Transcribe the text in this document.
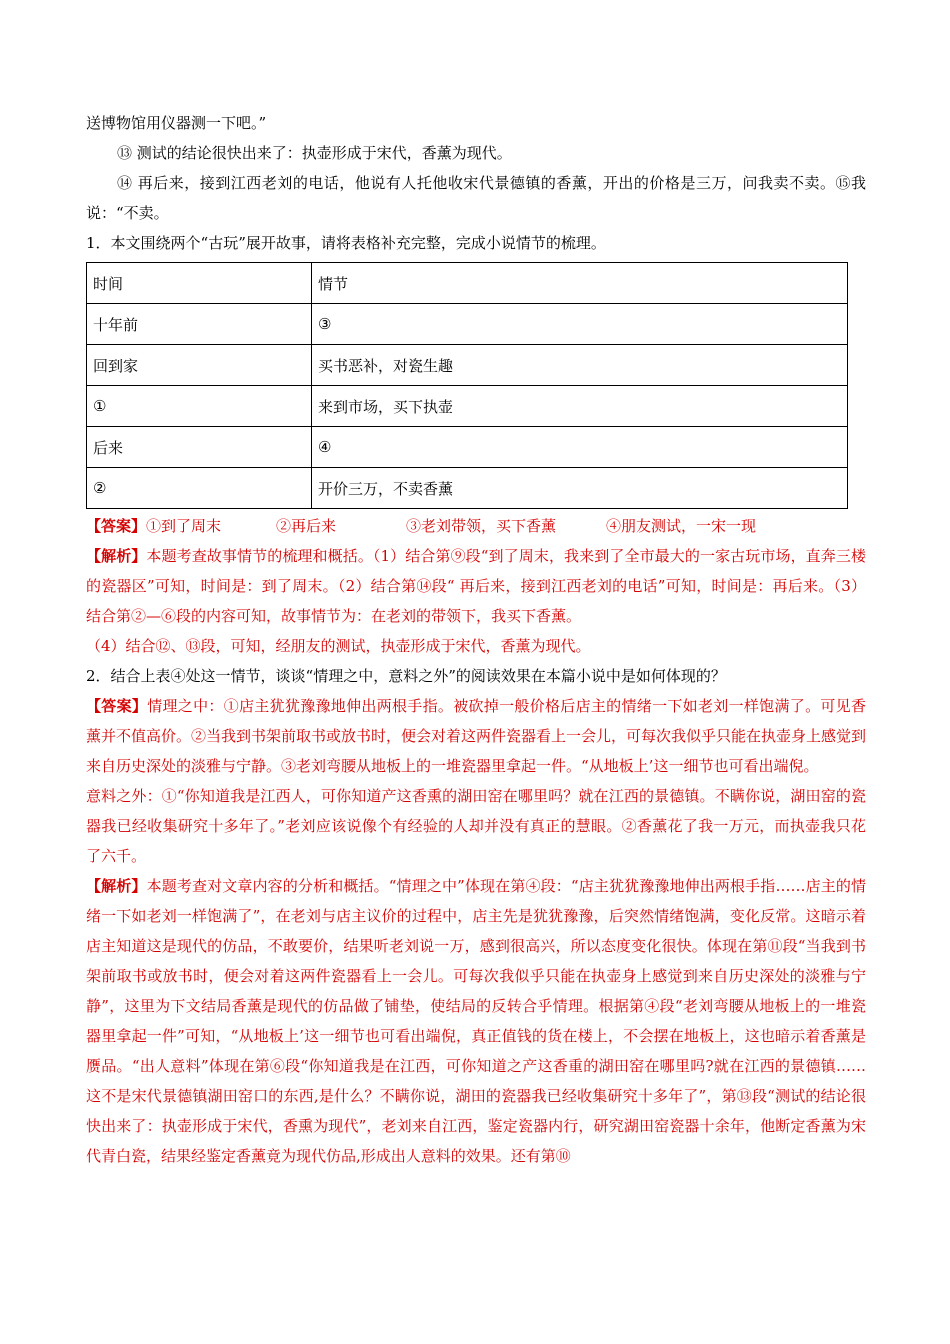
送博物馆用仪器测一下吧。”

⑬ 测试的结论很快出来了：执壶形成于宋代，香薰为现代。

⑭ 再后来，接到江西老刘的电话，他说有人托他收宋代景德镇的香薰，开出的价格是三万，问我卖不卖。⑮我说：“不卖。

1．本文围绕两个“古玩”展开故事，请将表格补充完整，完成小说情节的梳理。

时间	情节
十年前	③
回到家	买书恶补，对瓷生趣
①	来到市场，买下执壶
后来	④
②	开价三万，不卖香薰
【答案】 ①到了周末	②再后来	③老刘带领，买下香薰	④朋友测试，一宋一现

【解析】本题考查故事情节的梳理和概括。（1）结合第⑨段“到了周末，我来到了全市最大的一家古玩市场，直奔三楼的瓷器区”可知，时间是：到了周末。（2）结合第⑭段“ 再后来，接到江西老刘的电话”可知，时间是：再后来。（3）结合第②—⑥段的内容可知，故事情节为：在老刘的带领下，我买下香薰。

（4）结合⑫、⑬段，可知，经朋友的测试，执壶形成于宋代，香薰为现代。

2．结合上表④处这一情节，谈谈“情理之中，意料之外”的阅读效果在本篇小说中是如何体现的？

【答案】情理之中：①店主犹犹豫豫地伸出两根手指。被砍掉一般价格后店主的情绪一下如老刘一样饱满了。可见香薰并不值高价。②当我到书架前取书或放书时，便会对着这两件瓷器看上一会儿，可每次我似乎只能在执壶身上感觉到来自历史深处的淡雅与宁静。③老刘弯腰从地板上的一堆瓷器里拿起一件。“从地板上’这一细节也可看出端倪。

意料之外：①“你知道我是江西人，可你知道产这香熏的湖田窑在哪里吗？就在江西的景德镇。不瞒你说，湖田窑的瓷器我已经收集研究十多年了。”老刘应该说像个有经验的人却并没有真正的慧眼。②香薰花了我一万元，而执壶我只花了六千。

【解析】本题考查对文章内容的分析和概括。“情理之中”体现在第④段：“店主犹犹豫豫地伸出两根手指……店主的情绪一下如老刘一样饱满了”，在老刘与店主议价的过程中，店主先是犹犹豫豫，后突然情绪饱满，变化反常。这暗示着店主知道这是现代的仿品，不敢要价，结果听老刘说一万，感到很高兴，所以态度变化很快。体现在第⑪段“当我到书架前取书或放书时，便会对着这两件瓷器看上一会儿。可每次我似乎只能在执壶身上感觉到来自历史深处的淡雅与宁静”，这里为下文结局香薰是现代的仿品做了铺垫，使结局的反转合乎情理。根据第④段“老刘弯腰从地板上的一堆瓷器里拿起一件”可知，“从地板上’这一细节也可看出端倪，真正值钱的货在楼上，不会摆在地板上，这也暗示着香薰是赝品。“出人意料”体现在第⑥段“你知道我是在江西，可你知道之产这香重的湖田窑在哪里吗?就在江西的景德镇……这不是宋代景德镇湖田窑口的东西,是什么？不瞒你说，湖田的瓷器我已经收集研究十多年了”，第⑬段“测试的结论很快出来了：执壶形成于宋代，香熏为现代”，老刘来自江西，鉴定瓷器内行，研究湖田窑瓷器十余年，他断定香薰为宋代青白瓷，结果经鉴定香薰竟为现代仿品,形成出人意料的效果。还有第⑩
